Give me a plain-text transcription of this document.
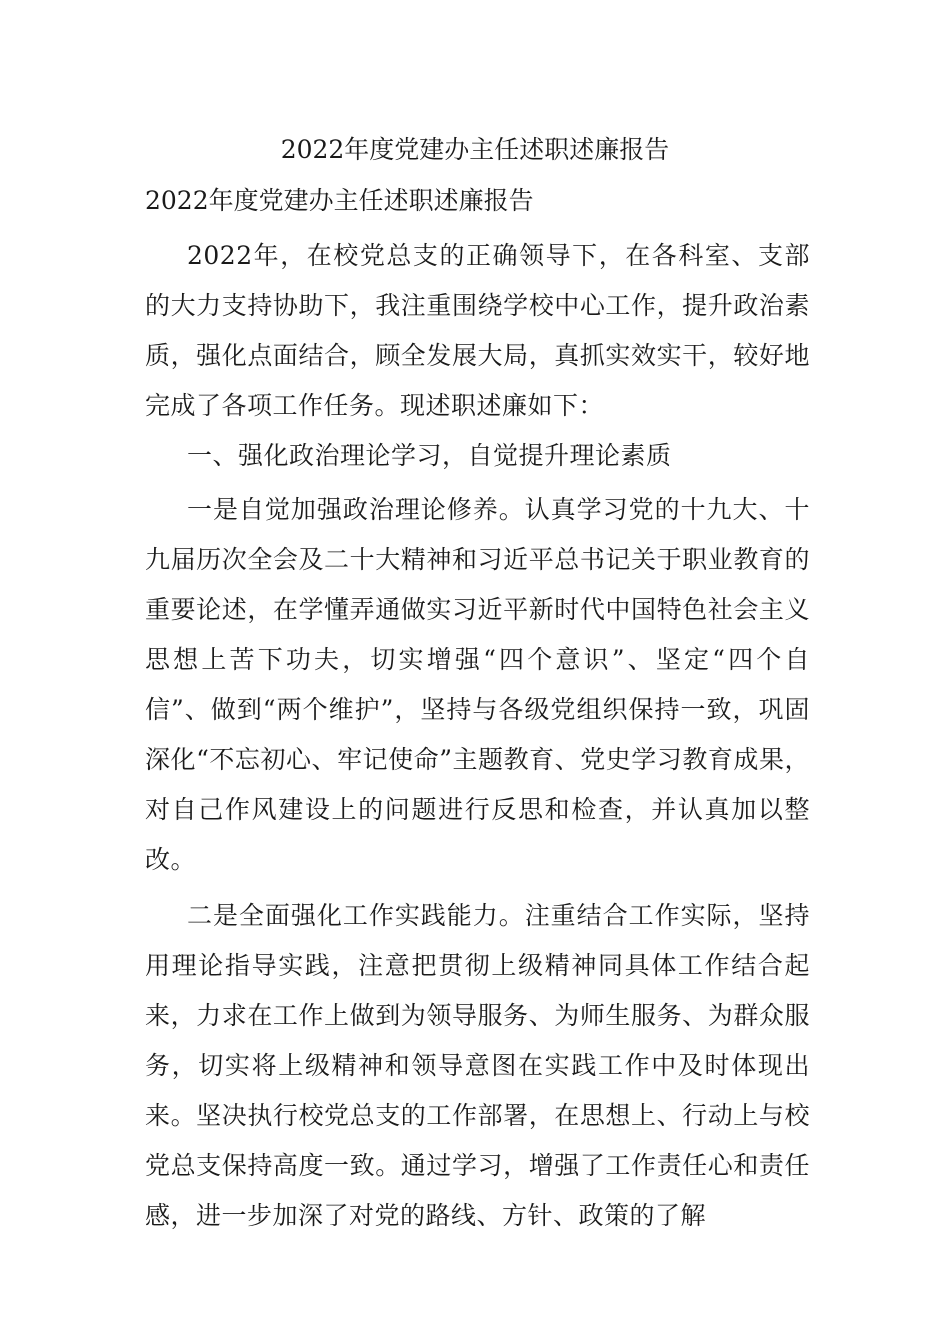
2022年度党建办主任述职述廉报告
2022年度党建办主任述职述廉报告

2022年，在校党总支的正确领导下，在各科室、支部的大力支持协助下，我注重围绕学校中心工作，提升政治素质，强化点面结合，顾全发展大局，真抓实效实干，较好地完成了各项工作任务。现述职述廉如下：

一、强化政治理论学习，自觉提升理论素质

一是自觉加强政治理论修养。认真学习党的十九大、十九届历次全会及二十大精神和习近平总书记关于职业教育的重要论述，在学懂弄通做实习近平新时代中国特色社会主义思想上苦下功夫，切实增强“四个意识”、坚定“四个自信”、做到“两个维护”，坚持与各级党组织保持一致，巩固深化“不忘初心、牢记使命”主题教育、党史学习教育成果，对自己作风建设上的问题进行反思和检查，并认真加以整改。

二是全面强化工作实践能力。注重结合工作实际，坚持用理论指导实践，注意把贯彻上级精神同具体工作结合起来，力求在工作上做到为领导服务、为师生服务、为群众服务，切实将上级精神和领导意图在实践工作中及时体现出来。坚决执行校党总支的工作部署，在思想上、行动上与校党总支保持高度一致。通过学习，增强了工作责任心和责任感，进一步加深了对党的路线、方针、政策的了解
